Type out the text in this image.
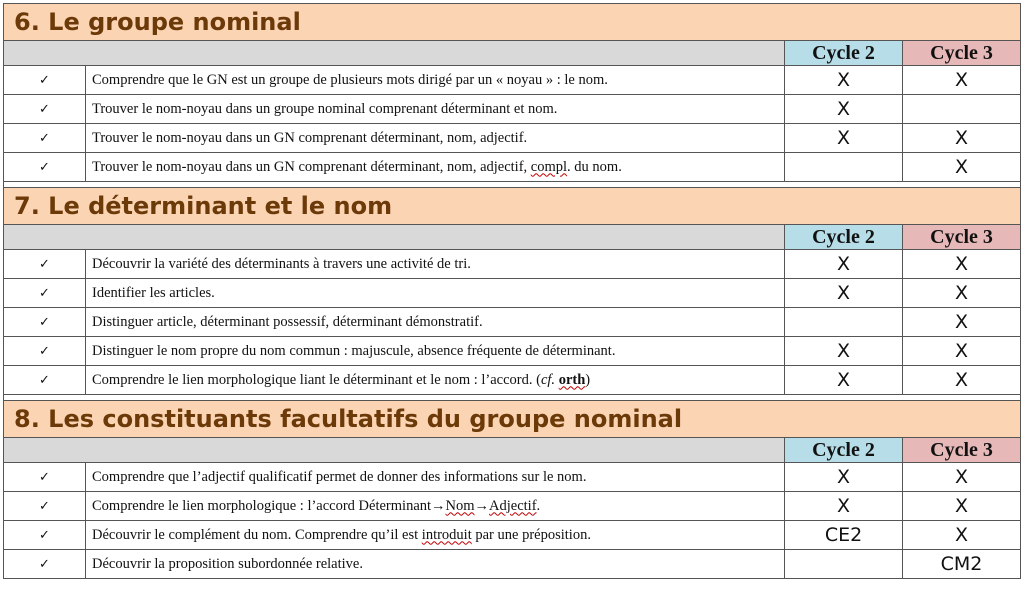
6. Le groupe nominal			
		Cycle 2	Cycle 3
✓	Comprendre que le GN est un groupe de plusieurs mots dirigé par un « noyau » : le nom.	X	X
✓	Trouver le nom-noyau dans un groupe nominal comprenant déterminant et nom.	X	
✓	Trouver le nom-noyau dans un GN comprenant déterminant, nom, adjectif.	X	X
✓	Trouver le nom-noyau dans un GN comprenant déterminant, nom, adjectif, compl. du nom.		X

7. Le déterminant et le nom			
		Cycle 2	Cycle 3
✓	Découvrir la variété des déterminants à travers une activité de tri.	X	X
✓	Identifier les articles.	X	X
✓	Distinguer article, déterminant possessif, déterminant démonstratif.		X
✓	Distinguer le nom propre du nom commun : majuscule, absence fréquente de déterminant.	X	X
✓	Comprendre le lien morphologique liant le déterminant et le nom : l’accord. (cf. orth)	X	X

8. Les constituants facultatifs du groupe nominal			
		Cycle 2	Cycle 3
✓	Comprendre que l’adjectif qualificatif permet de donner des informations sur le nom.	X	X
✓	Comprendre le lien morphologique : l’accord Déterminant→Nom→Adjectif.	X	X
✓	Découvrir le complément du nom. Comprendre qu’il est introduit par une préposition.	CE2	X
✓	Découvrir la proposition subordonnée relative.		CM2
